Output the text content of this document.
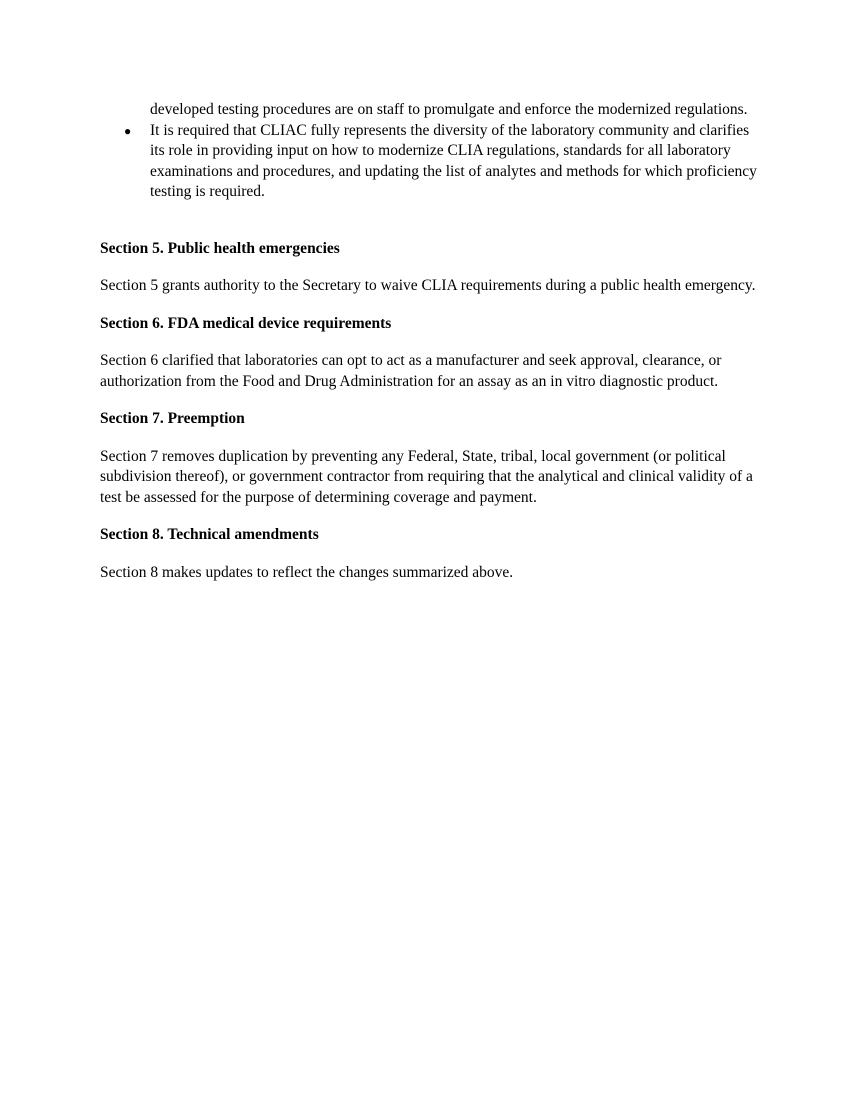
developed testing procedures are on staff to promulgate and enforce the modernized regulations.
● It is required that CLIAC fully represents the diversity of the laboratory community and clarifies its role in providing input on how to modernize CLIA regulations, standards for all laboratory examinations and procedures, and updating the list of analytes and methods for which proficiency testing is required.

Section 5. Public health emergencies

Section 5 grants authority to the Secretary to waive CLIA requirements during a public health emergency.

Section 6. FDA medical device requirements

Section 6 clarified that laboratories can opt to act as a manufacturer and seek approval, clearance, or authorization from the Food and Drug Administration for an assay as an in vitro diagnostic product.

Section 7. Preemption

Section 7 removes duplication by preventing any Federal, State, tribal, local government (or political subdivision thereof), or government contractor from requiring that the analytical and clinical validity of a test be assessed for the purpose of determining coverage and payment.

Section 8. Technical amendments

Section 8 makes updates to reflect the changes summarized above.
